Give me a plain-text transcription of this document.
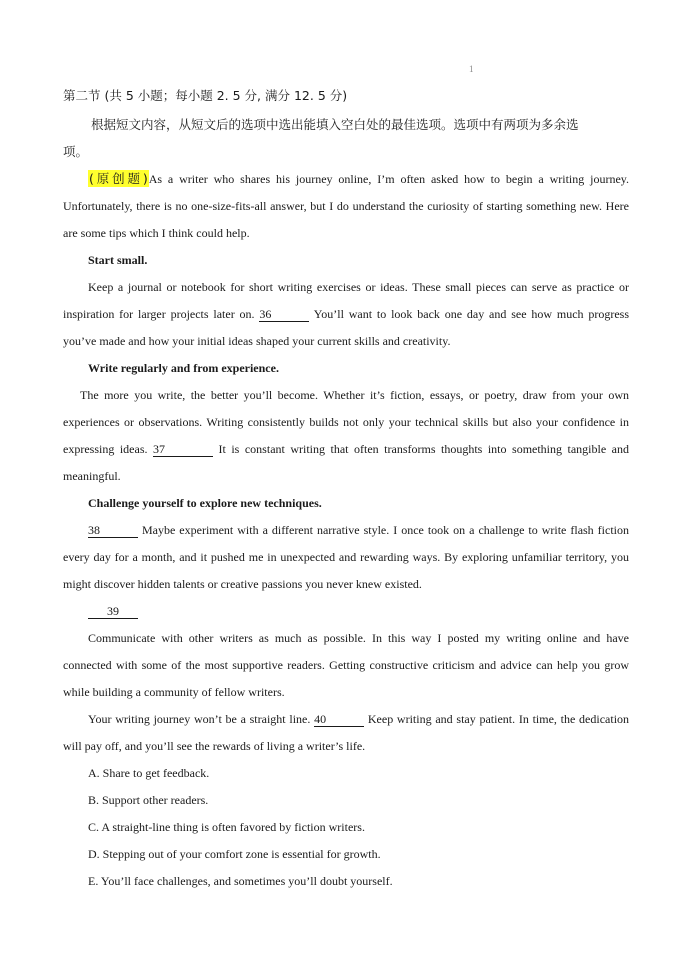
1
第二节 (共 5 小题；每小题 2. 5 分, 满分 12. 5 分)
根据短文内容，从短文后的选项中选出能填入空白处的最佳选项。选项中有两项为多余选
项。
(原创题)As a writer who shares his journey online, I’m often asked how to begin a writing journey.
Unfortunately, there is no one-size-fits-all answer, but I do understand the curiosity of starting something new. Here
are some tips which I think could help.
Start small.
Keep a journal or notebook for short writing exercises or ideas. These small pieces can serve as practice or
inspiration for larger projects later on. 36	You’ll want to look back one day and see how much progress
you’ve made and how your initial ideas shaped your current skills and creativity.
Write regularly and from experience.
The more you write, the better you’ll become. Whether it’s fiction, essays, or poetry, draw from your own
experiences or observations. Writing consistently builds not only your technical skills but also your confidence in
expressing ideas. 37	It is constant writing that often transforms thoughts into something tangible and
meaningful.
Challenge yourself to explore new techniques.
38	Maybe experiment with a different narrative style. I once took on a challenge to write flash fiction
every day for a month, and it pushed me in unexpected and rewarding ways. By exploring unfamiliar territory, you
might discover hidden talents or creative passions you never knew existed.
39
Communicate with other writers as much as possible. In this way I posted my writing online and have
connected with some of the most supportive readers. Getting constructive criticism and advice can help you grow
while building a community of fellow writers.
Your writing journey won’t be a straight line. 40	Keep writing and stay patient. In time, the dedication
will pay off, and you’ll see the rewards of living a writer’s life.
A. Share to get feedback.
B. Support other readers.
C. A straight-line thing is often favored by fiction writers.
D. Stepping out of your comfort zone is essential for growth.
E. You’ll face challenges, and sometimes you’ll doubt yourself.
